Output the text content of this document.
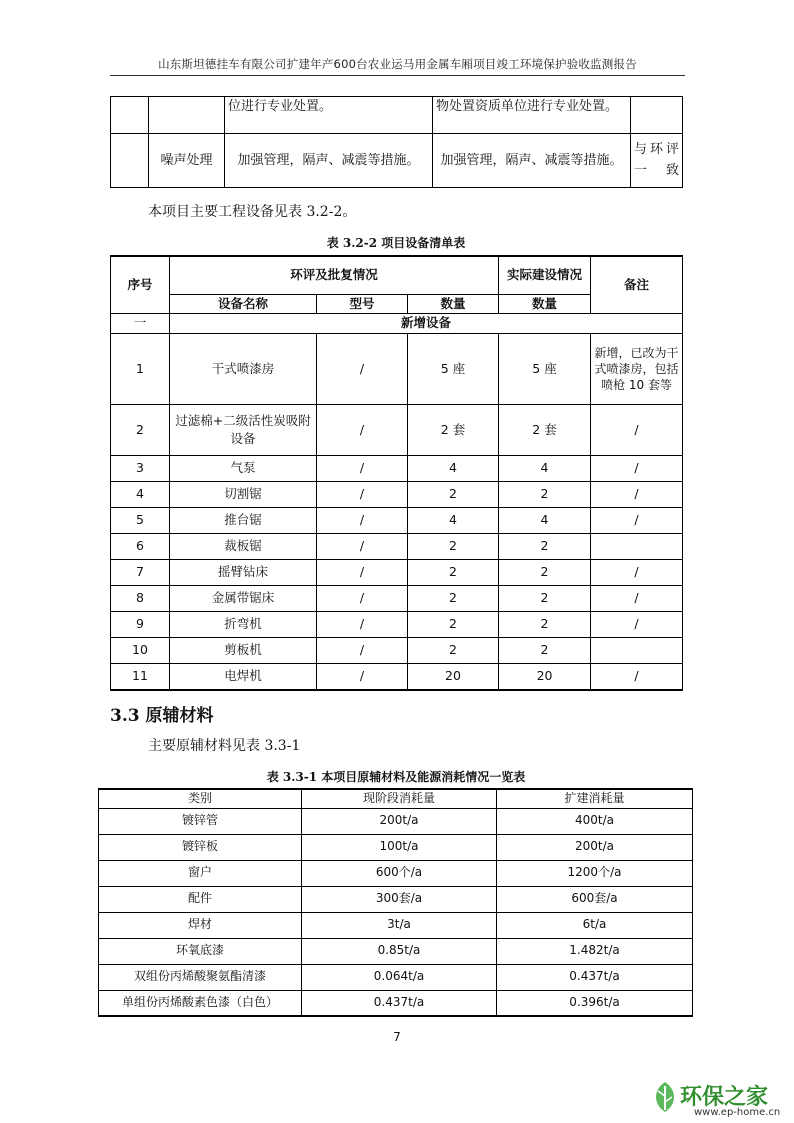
山东斯坦德挂车有限公司扩建年产600台农业运马用金属车厢项目竣工环境保护验收监测报告
		位进行专业处置。	物处置资质单位进行专业处置。	
	噪声处理	加强管理，隔声、减震等措施。	加强管理，隔声、减震等措施。	与环评一致
本项目主要工程设备见表 3.2-2。
表 3.2-2 项目设备清单表
序号	环评及批复情况			实际建设情况	备注
	设备名称	型号	数量	数量	
一	新增设备				
1	干式喷漆房	/	5 座	5 座	新增，已改为干式喷漆房，包括喷枪 10 套等
2	过滤棉+二级活性炭吸附设备	/	2 套	2 套	/
3	气泵	/	4	4	/
4	切割锯	/	2	2	/
5	推台锯	/	4	4	/
6	裁板锯	/	2	2	
7	摇臂钻床	/	2	2	/
8	金属带锯床	/	2	2	/
9	折弯机	/	2	2	/
10	剪板机	/	2	2	
11	电焊机	/	20	20	/
3.3 原辅材料
主要原辅材料见表 3.3-1
表 3.3-1 本项目原辅材料及能源消耗情况一览表
类别	现阶段消耗量	扩建消耗量
镀锌管	200t/a	400t/a
镀锌板	100t/a	200t/a
窗户	600个/a	1200个/a
配件	300套/a	600套/a
焊材	3t/a	6t/a
环氧底漆	0.85t/a	1.482t/a
双组份丙烯酸聚氨酯清漆	0.064t/a	0.437t/a
单组份丙烯酸素色漆（白色）	0.437t/a	0.396t/a
7
环保之家
www.ep-home.cn
